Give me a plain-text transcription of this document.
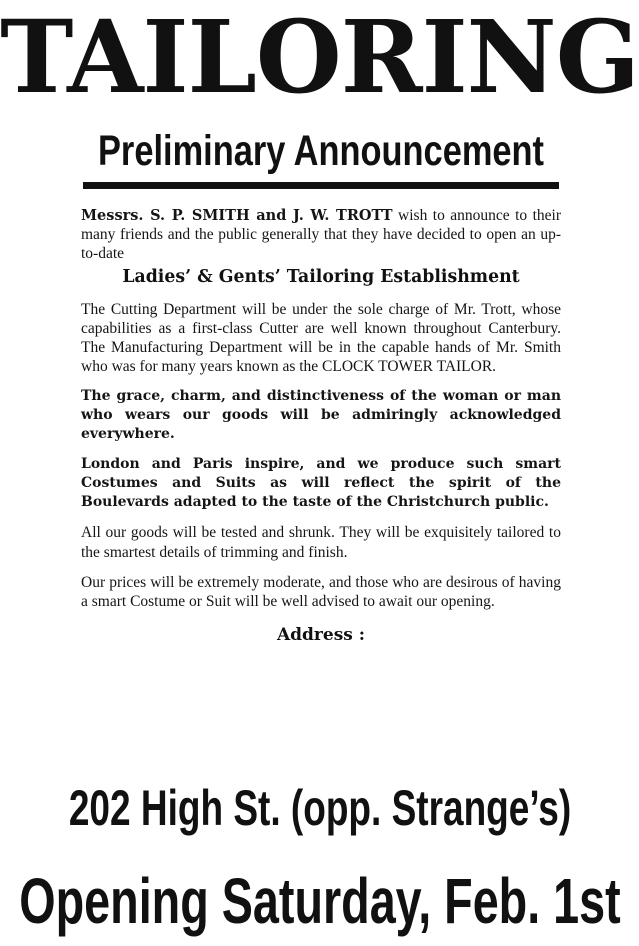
TAILORING
Preliminary Announcement

Messrs. S. P. SMITH and J. W. TROTT wish to announce to their many friends and the public generally that they have decided to open an up-to-date

Ladies’ & Gents’ Tailoring Establishment

The Cutting Department will be under the sole charge of Mr. Trott, whose capabilities as a first-class Cutter are well known throughout Canterbury. The Manufacturing Department will be in the capable hands of Mr. Smith who was for many years known as the CLOCK TOWER TAILOR.

The grace, charm, and distinctiveness of the woman or man who wears our goods will be admiringly acknowledged everywhere.

London and Paris inspire, and we produce such smart Costumes and Suits as will reflect the spirit of the Boulevards adapted to the taste of the Christchurch public.

All our goods will be tested and shrunk. They will be exquisitely tailored to the smartest details of trimming and finish.

Our prices will be extremely moderate, and those who are desirous of having a smart Costume or Suit will be well advised to await our opening.

Address :
202 High St. (opp. Strange’s)
Opening Saturday, Feb. 1st
